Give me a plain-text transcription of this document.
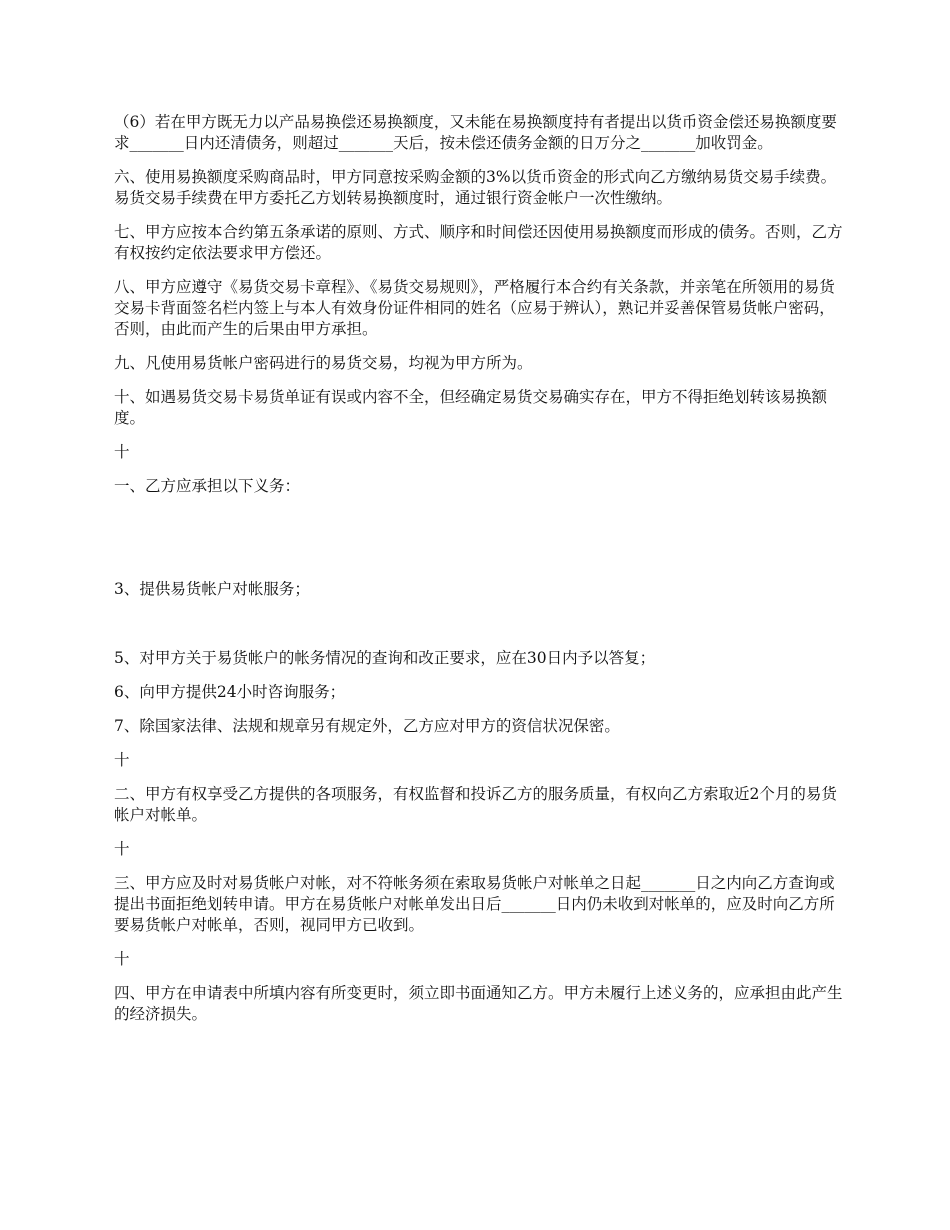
（6）若在甲方既无力以产品易换偿还易换额度，又未能在易换额度持有者提出以货币资金偿还易换额度要求_______日内还清债务，则超过_______天后，按未偿还债务金额的日万分之_______加收罚金。

六、使用易换额度采购商品时，甲方同意按采购金额的3%以货币资金的形式向乙方缴纳易货交易手续费。易货交易手续费在甲方委托乙方划转易换额度时，通过银行资金帐户一次性缴纳。

七、甲方应按本合约第五条承诺的原则、方式、顺序和时间偿还因使用易换额度而形成的债务。否则，乙方有权按约定依法要求甲方偿还。

八、甲方应遵守《易货交易卡章程》、《易货交易规则》，严格履行本合约有关条款，并亲笔在所领用的易货交易卡背面签名栏内签上与本人有效身份证件相同的姓名（应易于辨认），熟记并妥善保管易货帐户密码，否则，由此而产生的后果由甲方承担。

九、凡使用易货帐户密码进行的易货交易，均视为甲方所为。

十、如遇易货交易卡易货单证有误或内容不全，但经确定易货交易确实存在，甲方不得拒绝划转该易换额度。

十

一、乙方应承担以下义务：

3、提供易货帐户对帐服务；

5、对甲方关于易货帐户的帐务情况的查询和改正要求，应在30日内予以答复；

6、向甲方提供24小时咨询服务；

7、除国家法律、法规和规章另有规定外，乙方应对甲方的资信状况保密。

十

二、甲方有权享受乙方提供的各项服务，有权监督和投诉乙方的服务质量，有权向乙方索取近2个月的易货帐户对帐单。

十

三、甲方应及时对易货帐户对帐，对不符帐务须在索取易货帐户对帐单之日起_______日之内向乙方查询或提出书面拒绝划转申请。甲方在易货帐户对帐单发出日后_______日内仍未收到对帐单的，应及时向乙方所要易货帐户对帐单，否则，视同甲方已收到。

十

四、甲方在申请表中所填内容有所变更时，须立即书面通知乙方。甲方未履行上述义务的，应承担由此产生的经济损失。
